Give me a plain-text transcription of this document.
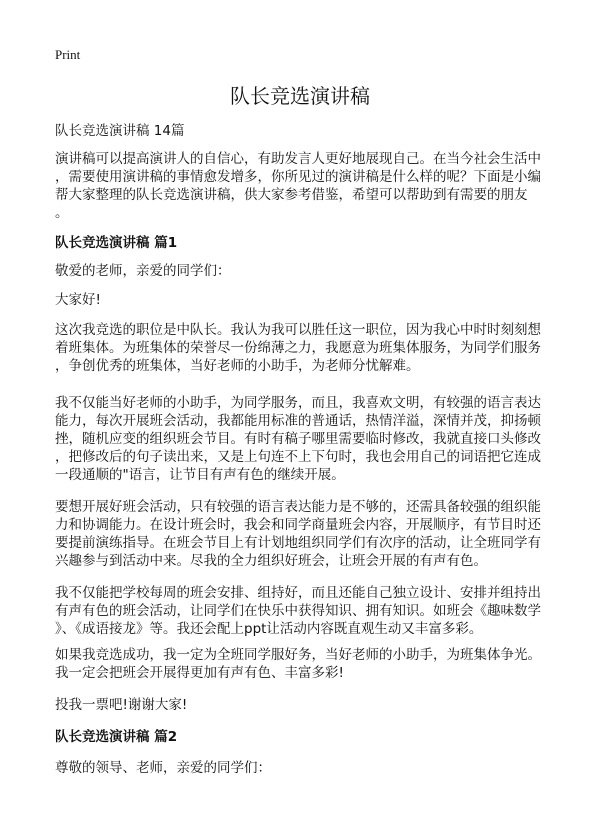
Print
队长竞选演讲稿
队长竞选演讲稿 14篇
演讲稿可以提高演讲人的自信心，有助发言人更好地展现自己。在当今社会生活中
，需要使用演讲稿的事情愈发增多，你所见过的演讲稿是什么样的呢？下面是小编
帮大家整理的队长竞选演讲稿，供大家参考借鉴，希望可以帮助到有需要的朋友
。
队长竞选演讲稿 篇1
敬爱的老师，亲爱的同学们：
大家好!
这次我竞选的职位是中队长。我认为我可以胜任这一职位，因为我心中时时刻刻想
着班集体。为班集体的荣誉尽一份绵薄之力，我愿意为班集体服务，为同学们服务
，争创优秀的班集体，当好老师的小助手，为老师分忧解难。
我不仅能当好老师的小助手，为同学服务，而且，我喜欢文明，有较强的语言表达
能力，每次开展班会活动，我都能用标准的普通话，热情洋溢，深情并茂，抑扬顿
挫，随机应变的组织班会节目。有时有稿子哪里需要临时修改，我就直接口头修改
，把修改后的句子读出来，又是上句连不上下句时，我也会用自己的词语把它连成
一段通顺的"语言，让节目有声有色的继续开展。
要想开展好班会活动，只有较强的语言表达能力是不够的，还需具备较强的组织能
力和协调能力。在设计班会时，我会和同学商量班会内容，开展顺序，有节目时还
要提前演练指导。在班会节目上有计划地组织同学们有次序的活动，让全班同学有
兴趣参与到活动中来。尽我的全力组织好班会，让班会开展的有声有色。
我不仅能把学校每周的班会安排、组持好，而且还能自己独立设计、安排并组持出
有声有色的班会活动，让同学们在快乐中获得知识、拥有知识。如班会《趣味数学
》、《成语接龙》等。我还会配上ppt让活动内容既直观生动又丰富多彩。
如果我竞选成功，我一定为全班同学服好务，当好老师的小助手，为班集体争光。
我一定会把班会开展得更加有声有色、丰富多彩!
投我一票吧!谢谢大家!
队长竞选演讲稿 篇2
尊敬的领导、老师，亲爱的同学们：
